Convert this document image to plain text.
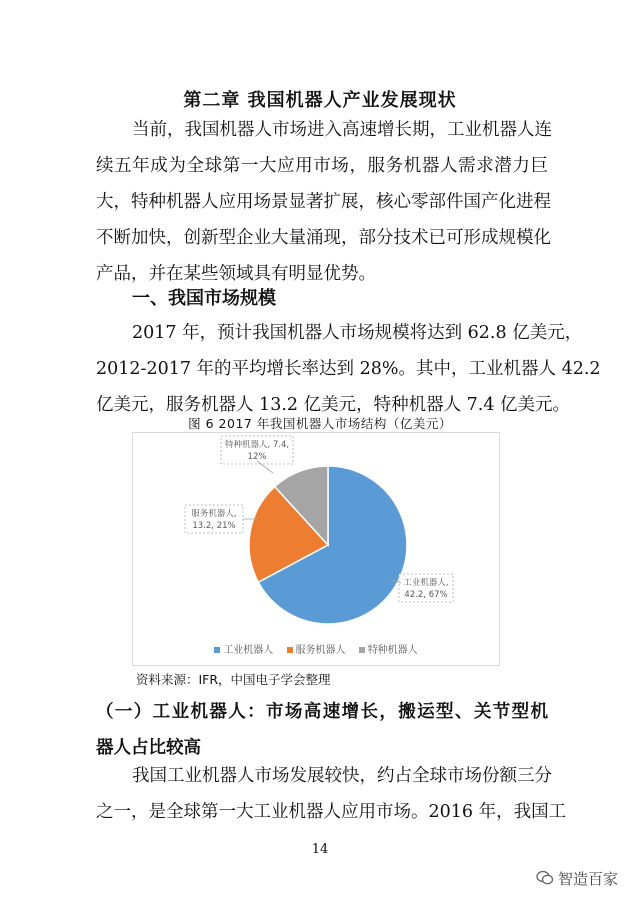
第二章 我国机器人产业发展现状
当前，我国机器人市场进入高速增长期，工业机器人连
续五年成为全球第一大应用市场，服务机器人需求潜力巨
大，特种机器人应用场景显著扩展，核心零部件国产化进程
不断加快，创新型企业大量涌现，部分技术已可形成规模化
产品，并在某些领域具有明显优势。
一、我国市场规模
2017 年，预计我国机器人市场规模将达到 62.8 亿美元，
2012-2017 年的平均增长率达到 28%。其中，工业机器人 42.2
亿美元，服务机器人 13.2 亿美元，特种机器人 7.4 亿美元。
图 6 2017 年我国机器人市场结构（亿美元）
工业机器人,
42.2, 67%
服务机器人,
13.2, 21%
特种机器人, 7.4,
12%
工业机器人 服务机器人 特种机器人
资料来源：IFR，中国电子学会整理
（一）工业机器人：市场高速增长，搬运型、关节型机
器人占比较高
我国工业机器人市场发展较快，约占全球市场份额三分
之一，是全球第一大工业机器人应用市场。2016 年，我国工
14
智造百家
